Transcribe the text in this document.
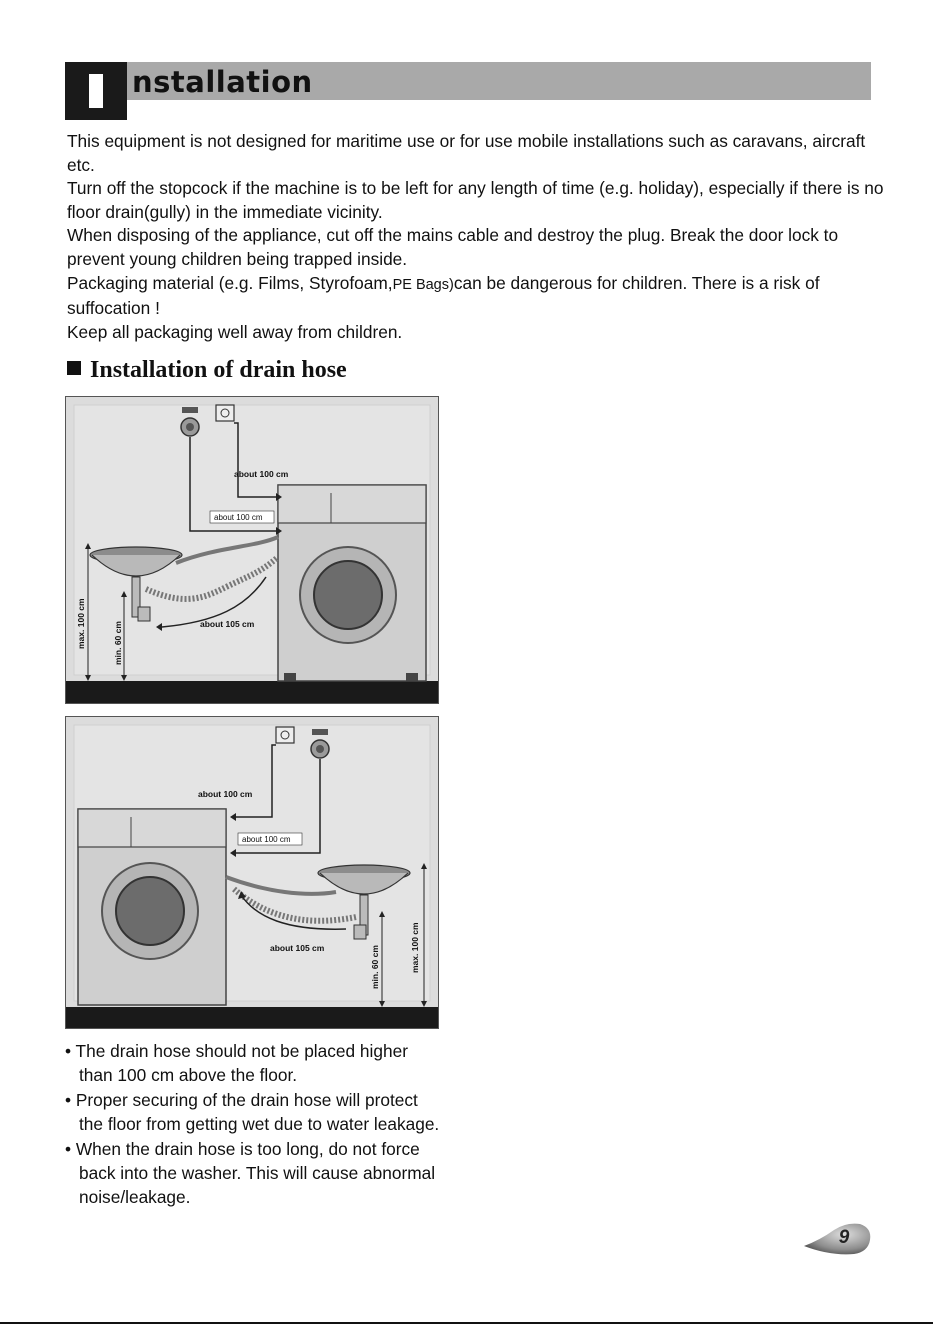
nstallation

This equipment is not designed for maritime use or for use mobile installations such as caravans, aircraft etc.

Turn off the stopcock if the machine is to be left for any length of time (e.g. holiday), especially if there is no floor drain(gully) in the immediate vicinity.

When disposing of the appliance, cut off the mains cable and destroy the plug. Break the door lock to prevent young children being trapped inside.

Packaging material (e.g. Films, Styrofoam,PE Bags)can be dangerous for children. There is a risk of suffocation !

Keep all packaging well away from children.

Installation of drain hose
about 100 cm
about 100 cm
about 105 cm
max. 100 cm	min. 60 cm
about 100 cm
about 100 cm
about 105 cm	max. 100 cm
min. 60 cm

• The drain hose should not be placed higher than 100 cm above the floor.

• Proper securing of the drain hose will protect the floor from getting wet due to water leakage.

• When the drain hose is too long, do not force back into the washer. This will cause abnormal noise/leakage.

9
